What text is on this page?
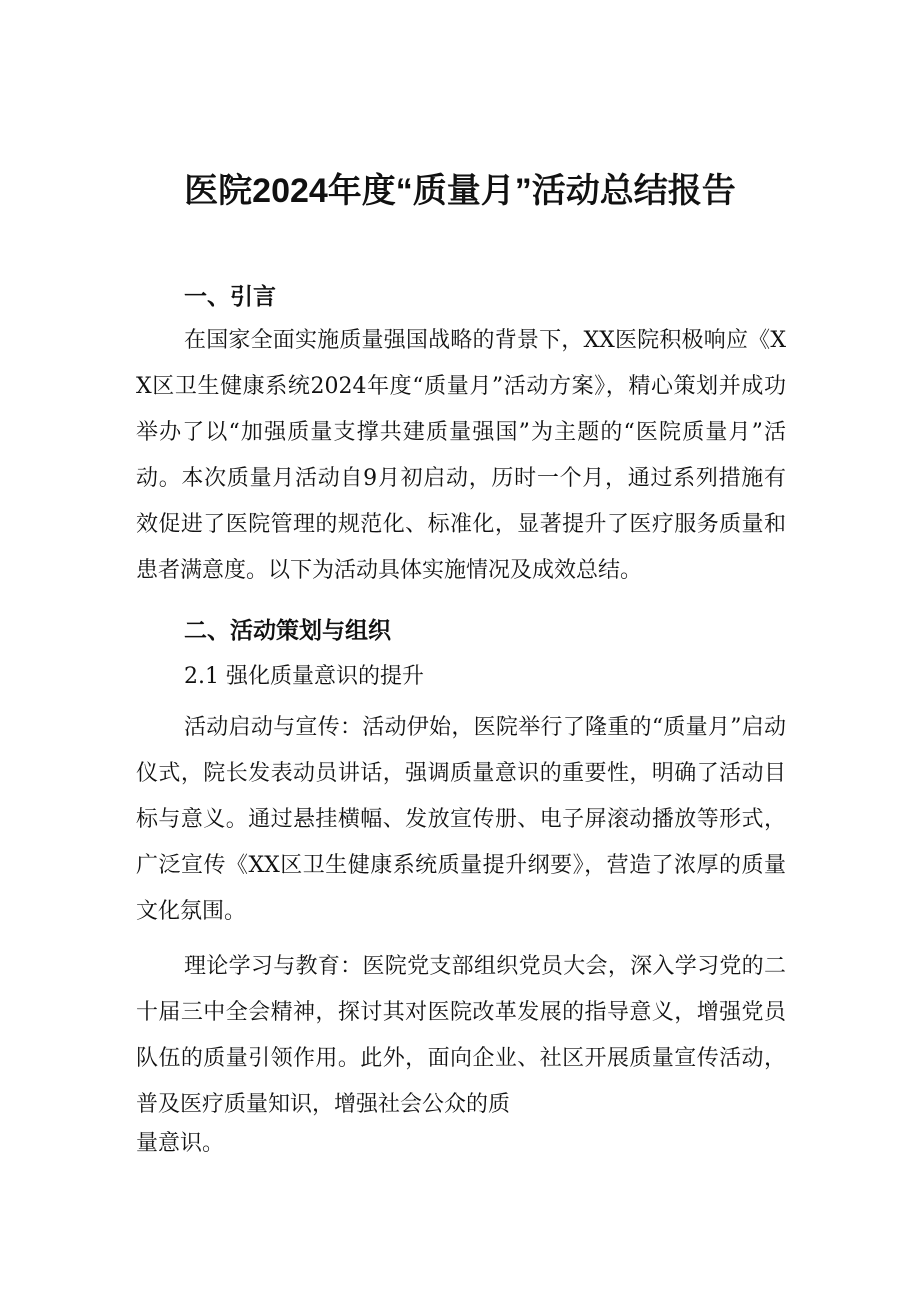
医院2024年度“质量月”活动总结报告
一、引言
在国家全面实施质量强国战略的背景下，XX医院积极响应《XX区卫生健康系统2024年度“质量月”活动方案》，精心策划并成功举办了以“加强质量支撑共建质量强国”为主题的“医院质量月”活动。本次质量月活动自9月初启动，历时一个月，通过系列措施有效促进了医院管理的规范化、标准化，显著提升了医疗服务质量和患者满意度。以下为活动具体实施情况及成效总结。
二、活动策划与组织
2.1 强化质量意识的提升
活动启动与宣传：活动伊始，医院举行了隆重的“质量月”启动仪式，院长发表动员讲话，强调质量意识的重要性，明确了活动目标与意义。通过悬挂横幅、发放宣传册、电子屏滚动播放等形式，广泛宣传《XX区卫生健康系统质量提升纲要》，营造了浓厚的质量文化氛围。
理论学习与教育：医院党支部组织党员大会，深入学习党的二十届三中全会精神，探讨其对医院改革发展的指导意义，增强党员队伍的质量引领作用。此外，面向企业、社区开展质量宣传活动，普及医疗质量知识，增强社会公众的质
量意识。
